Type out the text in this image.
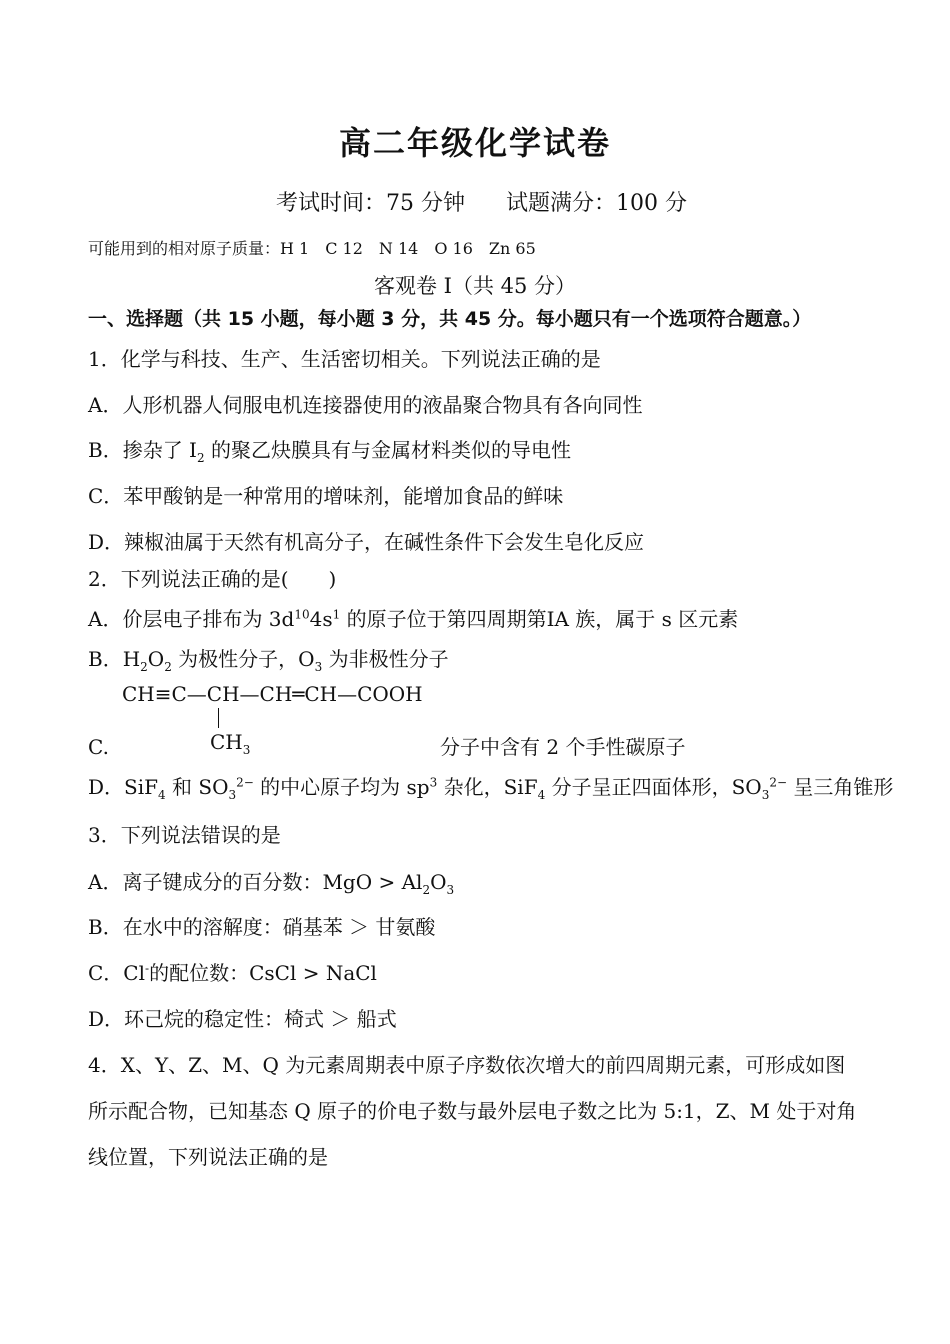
高二年级化学试卷
考试时间：75 分钟 试题满分：100 分
可能用到的相对原子质量：H 1　C 12　N 14　O 16　Zn 65
客观卷 I（共 45 分）
一、选择题（共 15 小题，每小题 3 分，共 45 分。每小题只有一个选项符合题意。）
1．化学与科技、生产、生活密切相关。下列说法正确的是
A．人形机器人伺服电机连接器使用的液晶聚合物具有各向同性
B．掺杂了 $I_2$ 的聚乙炔膜具有与金属材料类似的导电性
C．苯甲酸钠是一种常用的增味剂，能增加食品的鲜味
D．辣椒油属于天然有机高分子，在碱性条件下会发生皂化反应
2．下列说法正确的是(　　)
A．价层电子排布为 $3d^{10}4s^1$ 的原子位于第四周期第ⅠA 族，属于 s 区元素
B．$H_2O_2$ 为极性分子，$O_3$ 为非极性分子
CH≡C—CH—CH═CH—COOH
$CH_3$
C.	分子中含有 2 个手性碳原子
D．SiF$_4$ 和 $SO_3^{2-}$ 的中心原子均为 $sp^3$ 杂化，SiF$_4$ 分子呈正四面体形，$SO_3^{2-}$ 呈三角锥形
3．下列说法错误的是
A．离子键成分的百分数：MgO > $Al_2O_3$
B．在水中的溶解度：硝基苯 ＞ 甘氨酸
C．Cl-的配位数：CsCl > NaCl
D．环己烷的稳定性：椅式 ＞ 船式
4．X、Y、Z、M、Q 为元素周期表中原子序数依次增大的前四周期元素，可形成如图
所示配合物，已知基态 Q 原子的价电子数与最外层电子数之比为 5:1，Z、M 处于对角
线位置，下列说法正确的是
